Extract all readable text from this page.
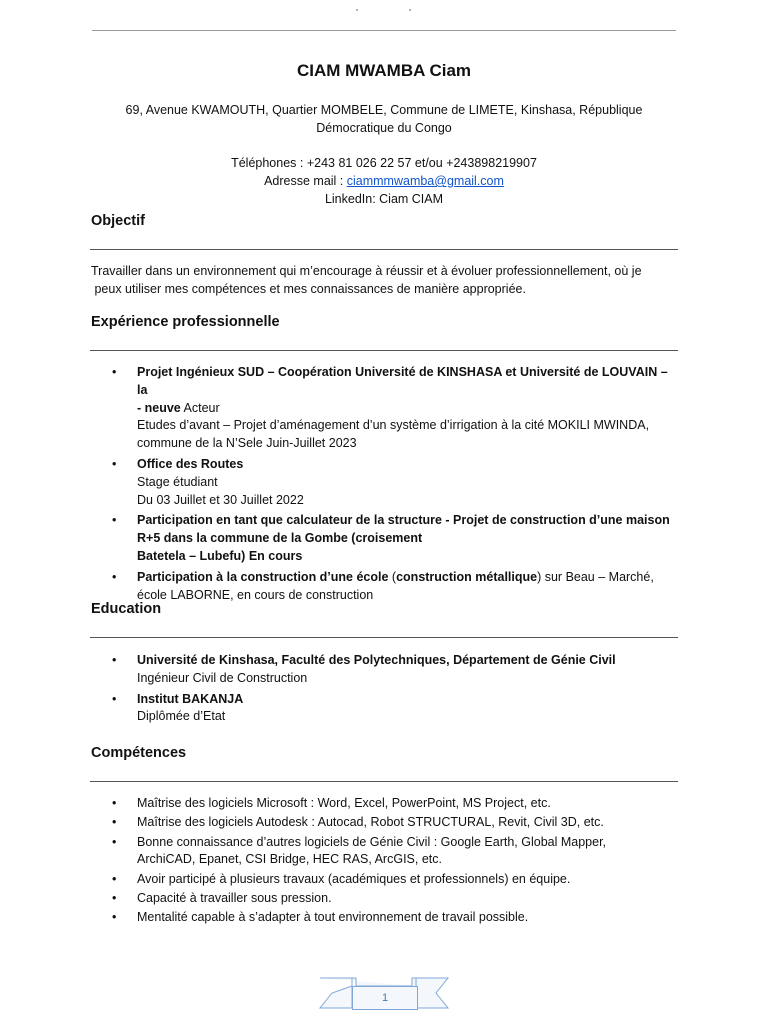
CIAM MWAMBA Ciam
69, Avenue KWAMOUTH, Quartier MOMBELE, Commune de LIMETE, Kinshasa, République
Démocratique du Congo
Téléphones : +243 81 026 22 57 et/ou +243898219907
Adresse mail : ciammmwamba@gmail.com
LinkedIn: Ciam CIAM
Objectif
Travailler dans un environnement qui m’encourage à réussir et à évoluer professionnellement, où je
peux utiliser mes compétences et mes connaissances de manière appropriée.
Expérience professionnelle
• Projet Ingénieux SUD – Coopération Université de KINSHASA et Université de LOUVAIN – la
- neuve Acteur
Etudes d’avant – Projet d’aménagement d’un système d’irrigation à la cité MOKILI MWINDA,
commune de la N’Sele Juin-Juillet 2023
• Office des Routes
Stage étudiant
Du 03 Juillet et 30 Juillet 2022
• Participation en tant que calculateur de la structure - Projet de construction d’une maison
R+5 dans la commune de la Gombe (croisement
Batetela – Lubefu) En cours
• Participation à la construction d’une école (construction métallique) sur Beau – Marché,
école LABORNE, en cours de construction
Education
• Université de Kinshasa, Faculté des Polytechniques, Département de Génie Civil
Ingénieur Civil de Construction
• Institut BAKANJA
Diplômée d’Etat
Compétences
• Maîtrise des logiciels Microsoft : Word, Excel, PowerPoint, MS Project, etc.
• Maîtrise des logiciels Autodesk : Autocad, Robot STRUCTURAL, Revit, Civil 3D, etc.
• Bonne connaissance d’autres logiciels de Génie Civil : Google Earth, Global Mapper,
ArchiCAD, Epanet, CSI Bridge, HEC RAS, ArcGIS, etc.
• Avoir participé à plusieurs travaux (académiques et professionnels) en équipe.
• Capacité à travailler sous pression.
• Mentalité capable à s’adapter à tout environnement de travail possible.
1
